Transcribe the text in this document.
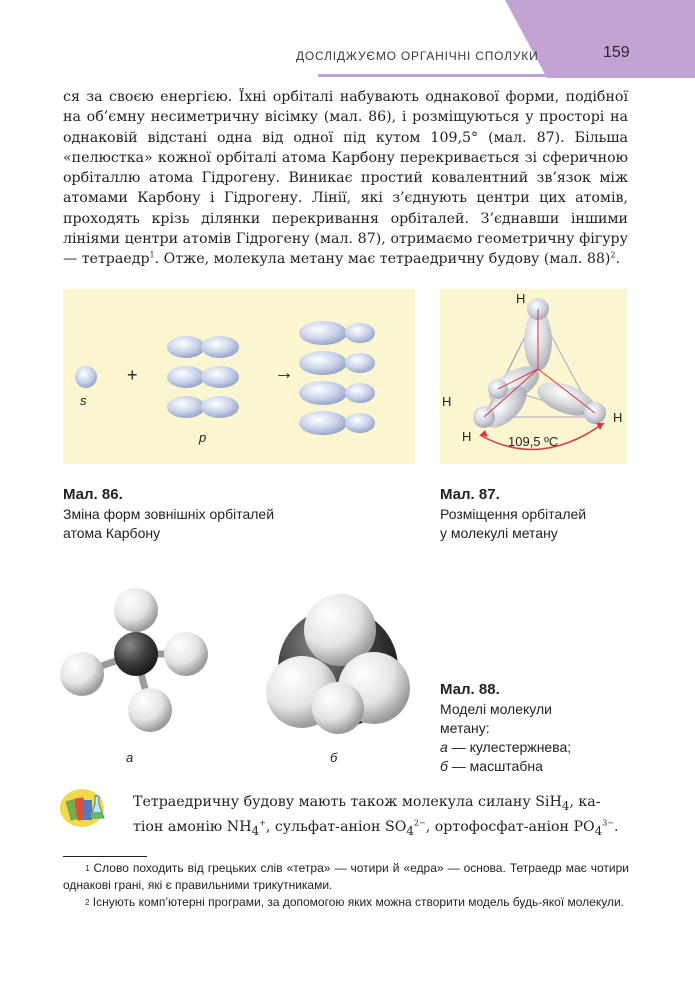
ДОСЛІДЖУЄМО ОРГАНІЧНІ СПОЛУКИ	159

ся за своєю енергією. Їхні орбіталі набувають однакової форми, подібної на об’ємну несиметричну вісімку (мал. 86), і розміщуються у просторі на однаковій відстані одна від одної під кутом 109,5° (мал. 87). Більша «пелюстка» кожної орбіталі атома Карбону перекривається зі сферичною орбіталлю атома Гідрогену. Виникає простий ковалентний зв’язок між атомами Карбону і Гідрогену. Лінії, які з’єднують центри цих атомів, проходять крізь ділянки перекривання орбіталей. З’єднавши іншими лініями центри атомів Гідрогену (мал. 87), отримаємо геометричну фігуру — тетраедр$^1$. Отже, молекула метану має тетраедричну будову (мал. 88)$^2$.

s
+
p
→
Мал. 86.
Зміна форм зовнішніх орбіталей
атома Карбону
H
H
H
H	109,5 ºC
Мал. 87.
Розміщення орбіталей
у молекулі метану
а	б
Мал. 88.
Моделі молекули
метану:
а — кулестержнева;
б — масштабна

Тетраедричну будову мають також молекула силану SiH$_4$, ка-

тіон амонію $NH_4^+$, сульфат-аніон $SO_4^{2-}$, ортофосфат-аніон $PO_4^{3-}$.

$^1$ Слово походить від грецьких слів «тетра» — чотири й «едра» — основа. Тетраедр має чотири однакові грані, які є правильними трикутниками.

$^2$ Існують комп’ютерні програми, за допомогою яких можна створити модель будь-якої молекули.
